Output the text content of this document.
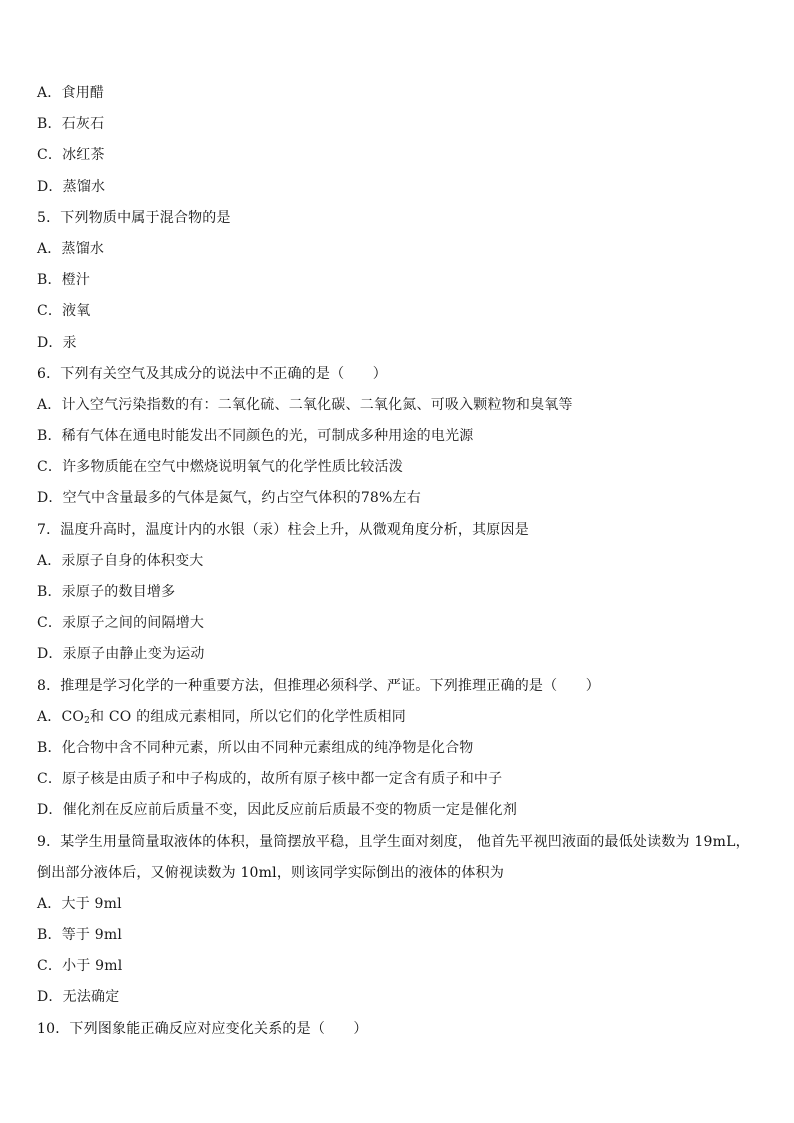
A．食用醋
B．石灰石
C．冰红茶
D．蒸馏水
5．下列物质中属于混合物的是
A．蒸馏水
B．橙汁
C．液氧
D．汞
6．下列有关空气及其成分的说法中不正确的是（　　）
A．计入空气污染指数的有：二氧化硫、二氧化碳、二氧化氮、可吸入颗粒物和臭氧等
B．稀有气体在通电时能发出不同颜色的光，可制成多种用途的电光源
C．许多物质能在空气中燃烧说明氧气的化学性质比较活泼
D．空气中含量最多的气体是氮气，约占空气体积的78%左右
7．温度升高时，温度计内的水银（汞）柱会上升，从微观角度分析，其原因是
A．汞原子自身的体积变大
B．汞原子的数目增多
C．汞原子之间的间隔增大
D．汞原子由静止变为运动
8．推理是学习化学的一种重要方法，但推理必须科学、严证。下列推理正确的是（　　）
A．$CO_2$和 CO 的组成元素相同，所以它们的化学性质相同
B．化合物中含不同种元素，所以由不同种元素组成的纯净物是化合物
C．原子核是由质子和中子构成的，故所有原子核中都一定含有质子和中子
D．催化剂在反应前后质量不变，因此反应前后质最不变的物质一定是催化剂
9．某学生用量筒量取液体的体积，量筒摆放平稳，且学生面对刻度， 他首先平视凹液面的最低处读数为 19mL， 倒出部分液体后，又俯视读数为 10ml，则该同学实际倒出的液体的体积为
A．大于 9ml
B．等于 9ml
C．小于 9ml
D．无法确定
10．下列图象能正确反应对应变化关系的是（　　）
